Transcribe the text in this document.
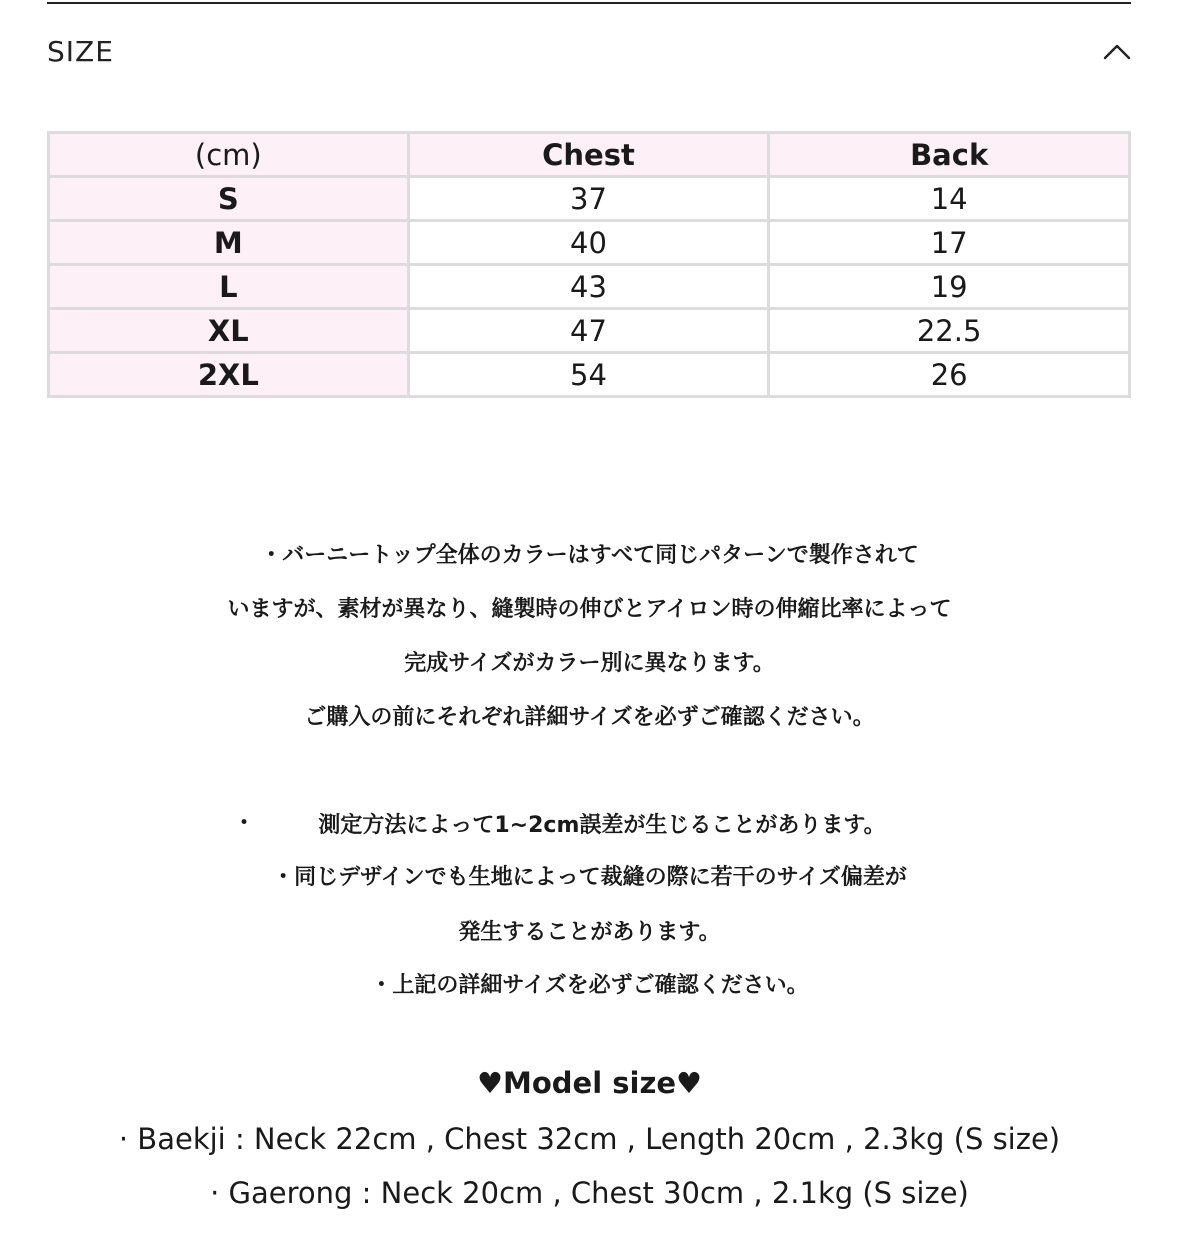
SIZE
(cm)	Chest	Back
S	37	14
M	40	17
L	43	19
XL	47	22.5
2XL	54	26
・バーニートップ全体のカラーはすべて同じパターンで製作されて
いますが、素材が異なり、縫製時の伸びとアイロン時の伸縮比率によって
完成サイズがカラー別に異なります。
ご購入の前にそれぞれ詳細サイズを必ずご確認ください。
・	測定方法によって1~2cm誤差が生じることがあります。
・同じデザインでも生地によって裁縫の際に若干のサイズ偏差が
発生することがあります。
・上記の詳細サイズを必ずご確認ください。
♥Model size♥
· Baekji : Neck 22cm , Chest 32cm , Length 20cm , 2.3kg (S size)
· Gaerong : Neck 20cm , Chest 30cm , 2.1kg (S size)
